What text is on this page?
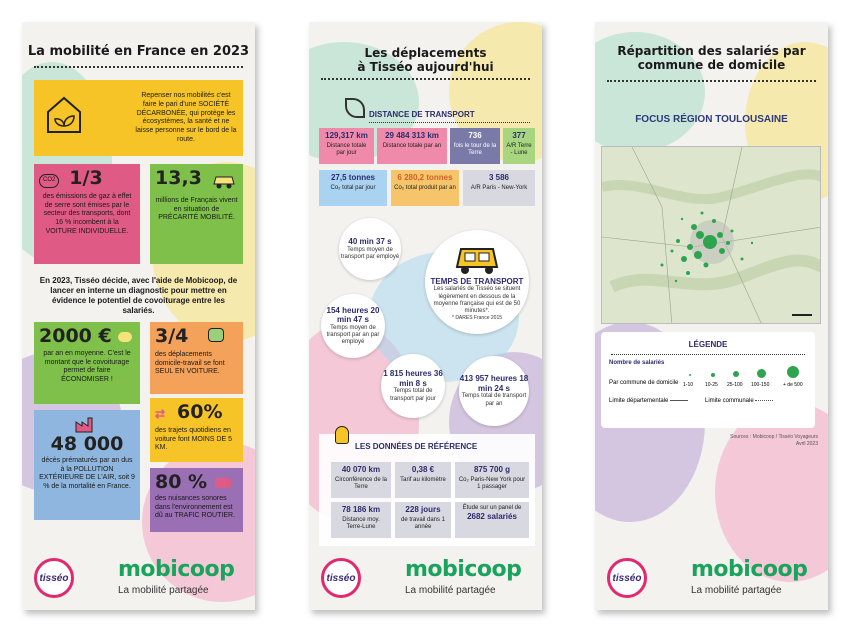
La mobilité en France en 2023
Repenser nos mobilités c'est faire le pari d'une SOCIÉTÉ DÉCARBONÉE, qui protège les écosystèmes, la santé et ne laisse personne sur le bord de la route.
CO2 1/3
des émissions de gaz à effet de serre sont émises par le secteur des transports, dont 16 % incombent à la VOITURE INDIVIDUELLE.
13,3
millions de Français vivent en situation de PRÉCARITÉ MOBILITÉ.
En 2023, Tisséo décide, avec l'aide de Mobicoop, de lancer en interne un diagnostic pour mettre en évidence le potentiel de covoiturage entre les salariés.
2000 €
par an en moyenne. C'est le montant que le covoiturage permet de faire ÉCONOMISER !
3/4
des déplacements domicile-travail se font SEUL EN VOITURE.
⇄ 60%
des trajets quotidiens en voiture font MOINS DE 5 KM.
48 000
décès prématurés par an dus à la POLLUTION EXTÉRIEURE DE L'AIR, soit 9 % de la mortalité en France. 80 %
des nuisances sonores dans l'environnement est dû au TRAFIC ROUTIER.
tisséo mobicoop
La mobilité partagée
Les déplacements
à Tisséo aujourd'hui
DISTANCE DE TRANSPORT
129,317 km
Distance totale par jour
29 484 313 km
Distance totale par an
736
fois le tour de la Terre
377
A/R Terre - Lune
27,5 tonnes
Co₂ total par jour
6 280,2 tonnes
Co₂ total produit par an
3 586
A/R Paris - New-York
40 min 37 s
Temps moyen de transport par employé
TEMPS DE TRANSPORT
Les salariés de Tisséo se situent légèrement en dessous de la moyenne française qui est de 50 minutes*.
* DARES France 2015
154 heures 20 min 47 s
Temps moyen de transport par an par employé
1 815 heures 36 min 8 s
Temps total de transport par jour
413 957 heures 18 min 24 s
Temps total de transport par an
LES DONNÉES DE RÉFÉRENCE
40 070 km
Circonférence de la Terre
0,38 €
Tarif au kilomètre
875 700 g
Co₂ Paris-New York pour 1 passager
78 186 km
Distance moy. Terre-Lune
228 jours
de travail dans 1 année
Étude sur un panel de
2682 salariés
tisséo mobicoop
La mobilité partagée
Répartition des salariés par
commune de domicile
FOCUS RÉGION TOULOUSAINE
LÉGENDE
Nombre de salariés
Par commune de domicile 1-10 10-25 25-100 100-150	+ de 500
Limite départementale	Limite communale
Sources : Mobicoop / Tisséo Voyageurs
Avril 2023
tisséo mobicoop
La mobilité partagée
